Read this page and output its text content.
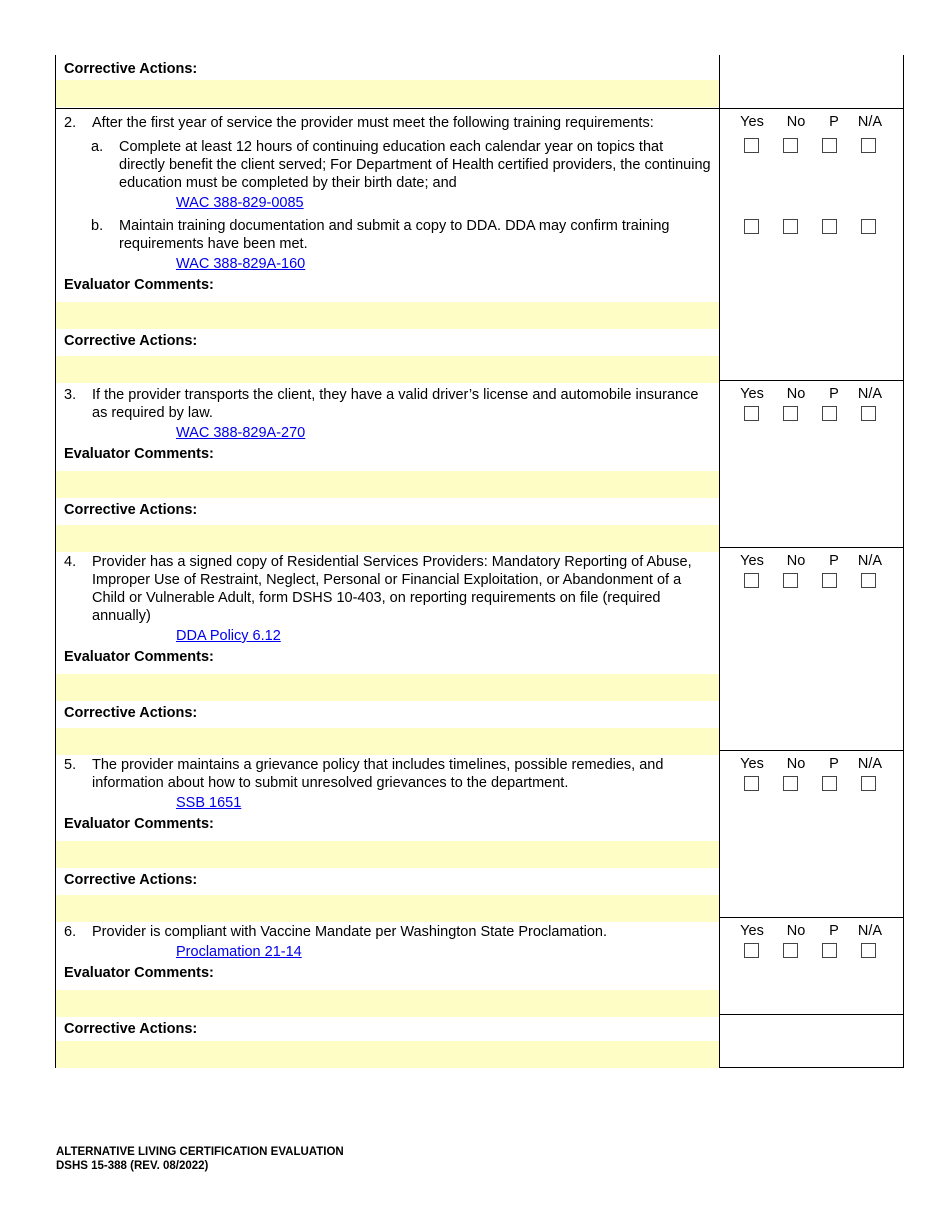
Corrective Actions:
2.	After the first year of service the provider must meet the following training requirements:
a.	Complete at least 12 hours of continuing education each calendar year on topics that directly benefit the client served; For Department of Health certified providers, the continuing education must be completed by their birth date; and
WAC 388-829-0085
b.	Maintain training documentation and submit a copy to DDA. DDA may confirm training requirements have been met.
WAC 388-829A-160
Evaluator Comments:
Corrective Actions:
Yes	No	P	N/A
3.	If the provider transports the client, they have a valid driver’s license and automobile insurance as required by law.
WAC 388-829A-270
Evaluator Comments:
Corrective Actions:
Yes	No	P	N/A
4.	Provider has a signed copy of Residential Services Providers: Mandatory Reporting of Abuse, Improper Use of Restraint, Neglect, Personal or Financial Exploitation, or Abandonment of a Child or Vulnerable Adult, form DSHS 10-403, on reporting requirements on file (required annually)
DDA Policy 6.12
Evaluator Comments:
Corrective Actions:
Yes	No	P	N/A
5.	The provider maintains a grievance policy that includes timelines, possible remedies, and information about how to submit unresolved grievances to the department.
SSB 1651
Evaluator Comments:
Corrective Actions:
Yes	No	P	N/A
6.	Provider is compliant with Vaccine Mandate per Washington State Proclamation.
Proclamation 21-14
Evaluator Comments:
Yes	No	P	N/A
Corrective Actions:
ALTERNATIVE LIVING CERTIFICATION EVALUATION
DSHS 15-388 (REV. 08/2022)
